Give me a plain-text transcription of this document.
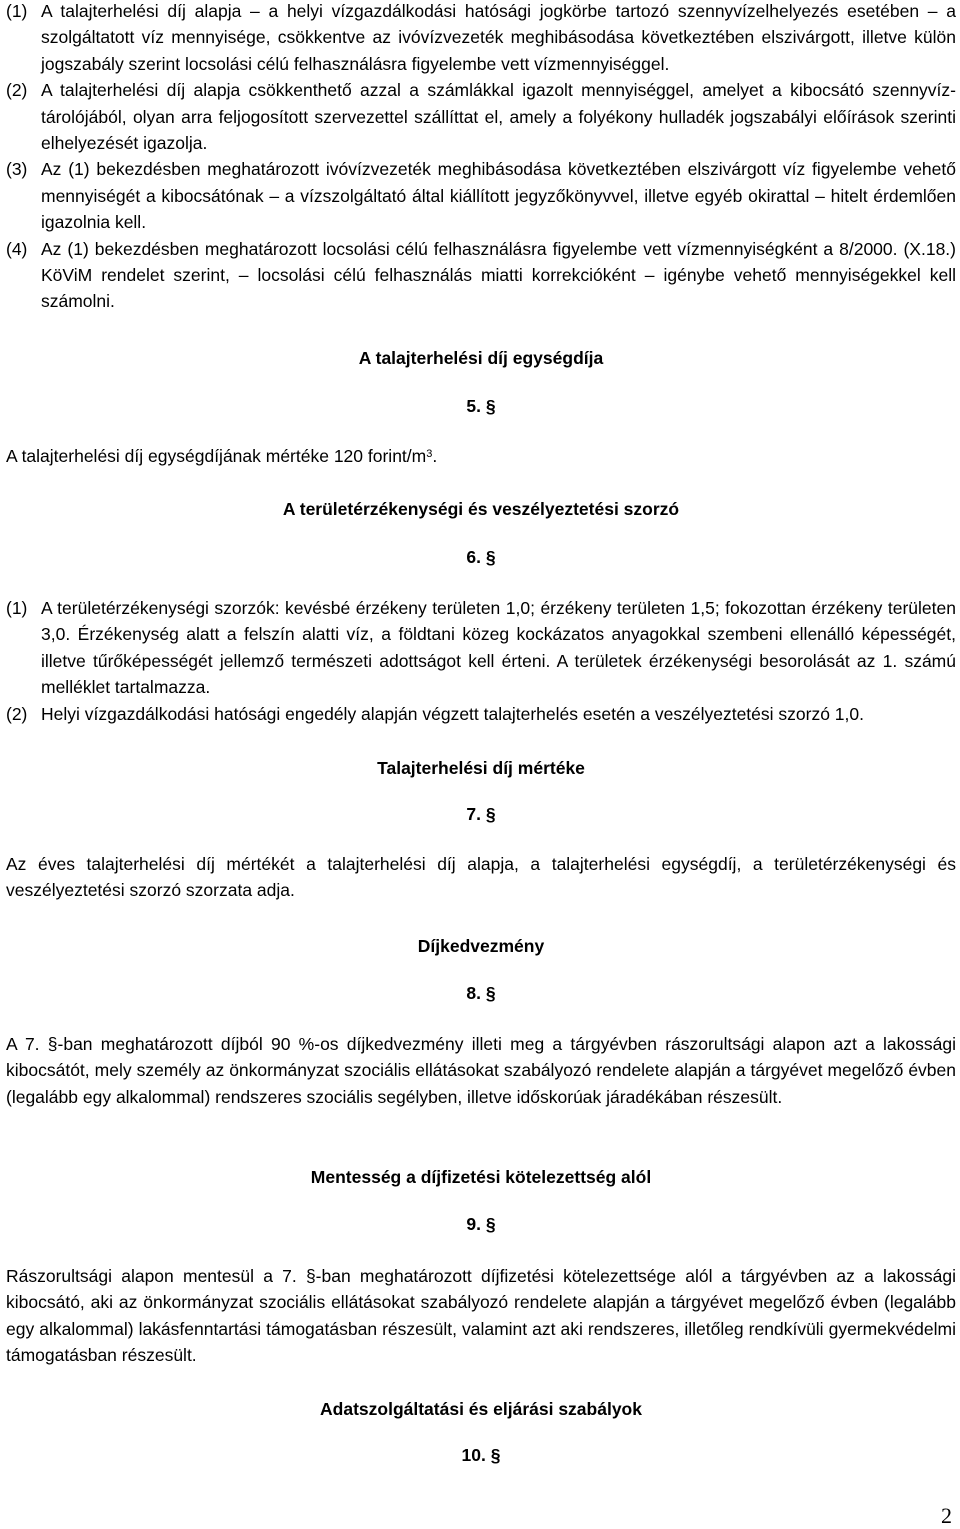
(1) A talajterhelési díj alapja – a helyi vízgazdálkodási hatósági jogkörbe tartozó szennyvízelhelyezés esetében – a szolgáltatott víz mennyisége, csökkentve az ivóvízvezeték meghibásodása következtében elszivárgott, illetve külön jogszabály szerint locsolási célú felhasználásra figyelembe vett vízmennyiséggel.
(2) A talajterhelési díj alapja csökkenthető azzal a számlákkal igazolt mennyiséggel, amelyet a kibocsátó szennyvíz-tárolójából, olyan arra feljogosított szervezettel szállíttat el, amely a folyékony hulladék jogszabályi előírások szerinti elhelyezését igazolja.
(3) Az (1) bekezdésben meghatározott ivóvízvezeték meghibásodása következtében elszivárgott víz figyelembe vehető mennyiségét a kibocsátónak – a vízszolgáltató által kiállított jegyzőkönyvvel, illetve egyéb okirattal – hitelt érdemlően igazolnia kell.
(4) Az (1) bekezdésben meghatározott locsolási célú felhasználásra figyelembe vett vízmennyiségként a 8/2000. (X.18.) KöViM rendelet szerint, – locsolási célú felhasználás miatti korrekcióként – igénybe vehető mennyiségekkel kell számolni.
A talajterhelési díj egységdíja
5. §

A talajterhelési díj egységdíjának mértéke 120 forint/$m^3$.

A területérzékenységi és veszélyeztetési szorzó
6. §
(1) A területérzékenységi szorzók: kevésbé érzékeny területen 1,0; érzékeny területen 1,5; fokozottan érzékeny területen 3,0. Érzékenység alatt a felszín alatti víz, a földtani közeg kockázatos anyagokkal szembeni ellenálló képességét, illetve tűrőképességét jellemző természeti adottságot kell érteni. A területek érzékenységi besorolását az 1. számú melléklet tartalmazza.
(2) Helyi vízgazdálkodási hatósági engedély alapján végzett talajterhelés esetén a veszélyeztetési szorzó 1,0.
Talajterhelési díj mértéke
7. §

Az éves talajterhelési díj mértékét a talajterhelési díj alapja, a talajterhelési egységdíj, a területérzékenységi és veszélyeztetési szorzó szorzata adja.

Díjkedvezmény
8. §

A 7. §-ban meghatározott díjból 90 %-os díjkedvezmény illeti meg a tárgyévben rászorultsági alapon azt a lakossági kibocsátót, mely személy az önkormányzat szociális ellátásokat szabályozó rendelete alapján a tárgyévet megelőző évben (legalább egy alkalommal) rendszeres szociális segélyben, illetve időskorúak járadékában részesült.

Mentesség a díjfizetési kötelezettség alól
9. §

Rászorultsági alapon mentesül a 7. §-ban meghatározott díjfizetési kötelezettsége alól a tárgyévben az a lakossági kibocsátó, aki az önkormányzat szociális ellátásokat szabályozó rendelete alapján a tárgyévet megelőző évben (legalább egy alkalommal) lakásfenntartási támogatásban részesült, valamint azt aki rendszeres, illetőleg rendkívüli gyermekvédelmi támogatásban részesült.

Adatszolgáltatási és eljárási szabályok
10. §
2
